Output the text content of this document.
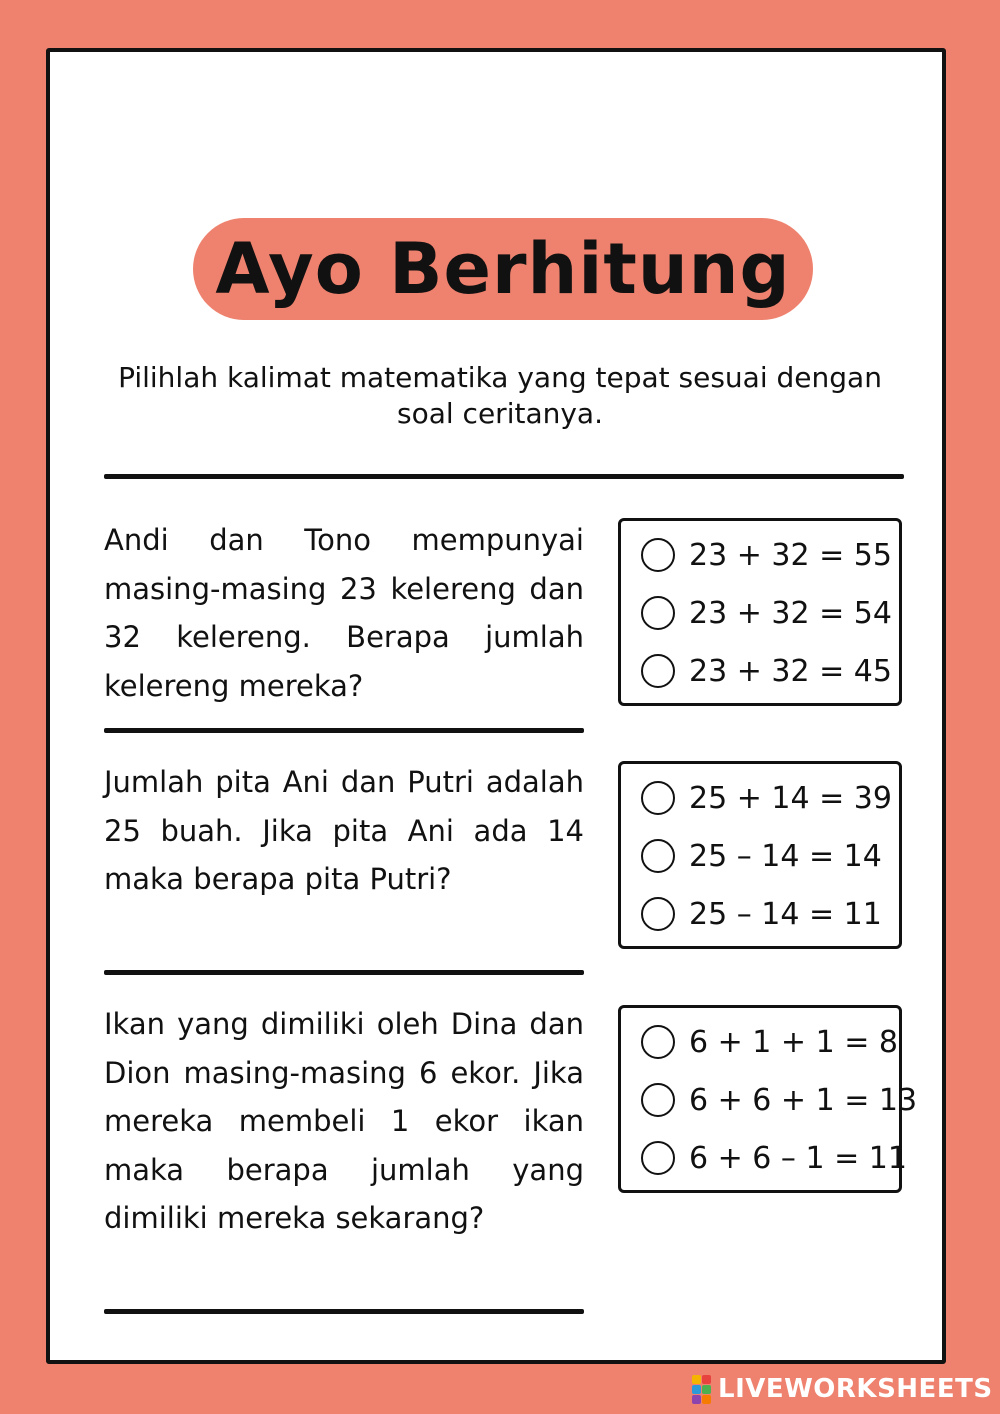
Ayo Berhitung
Pilihlah kalimat matematika yang tepat sesuai dengan soal ceritanya.
Andi dan Tono mempunyai masing-masing 23 kelereng dan 32 kelereng. Berapa jumlah kelereng mereka?
23 + 32 = 55
23 + 32 = 54
23 + 32 = 45
Jumlah pita Ani dan Putri adalah 25 buah. Jika pita Ani ada 14 maka berapa pita Putri?
25 + 14 = 39
25 – 14 = 14
25 – 14 = 11
Ikan yang dimiliki oleh Dina dan Dion masing-masing 6 ekor. Jika mereka membeli 1 ekor ikan maka berapa jumlah yang dimiliki mereka sekarang?
6 + 1 + 1 = 8
6 + 6 + 1 = 13
6 + 6 – 1 = 11
LIVEWORKSHEETS
